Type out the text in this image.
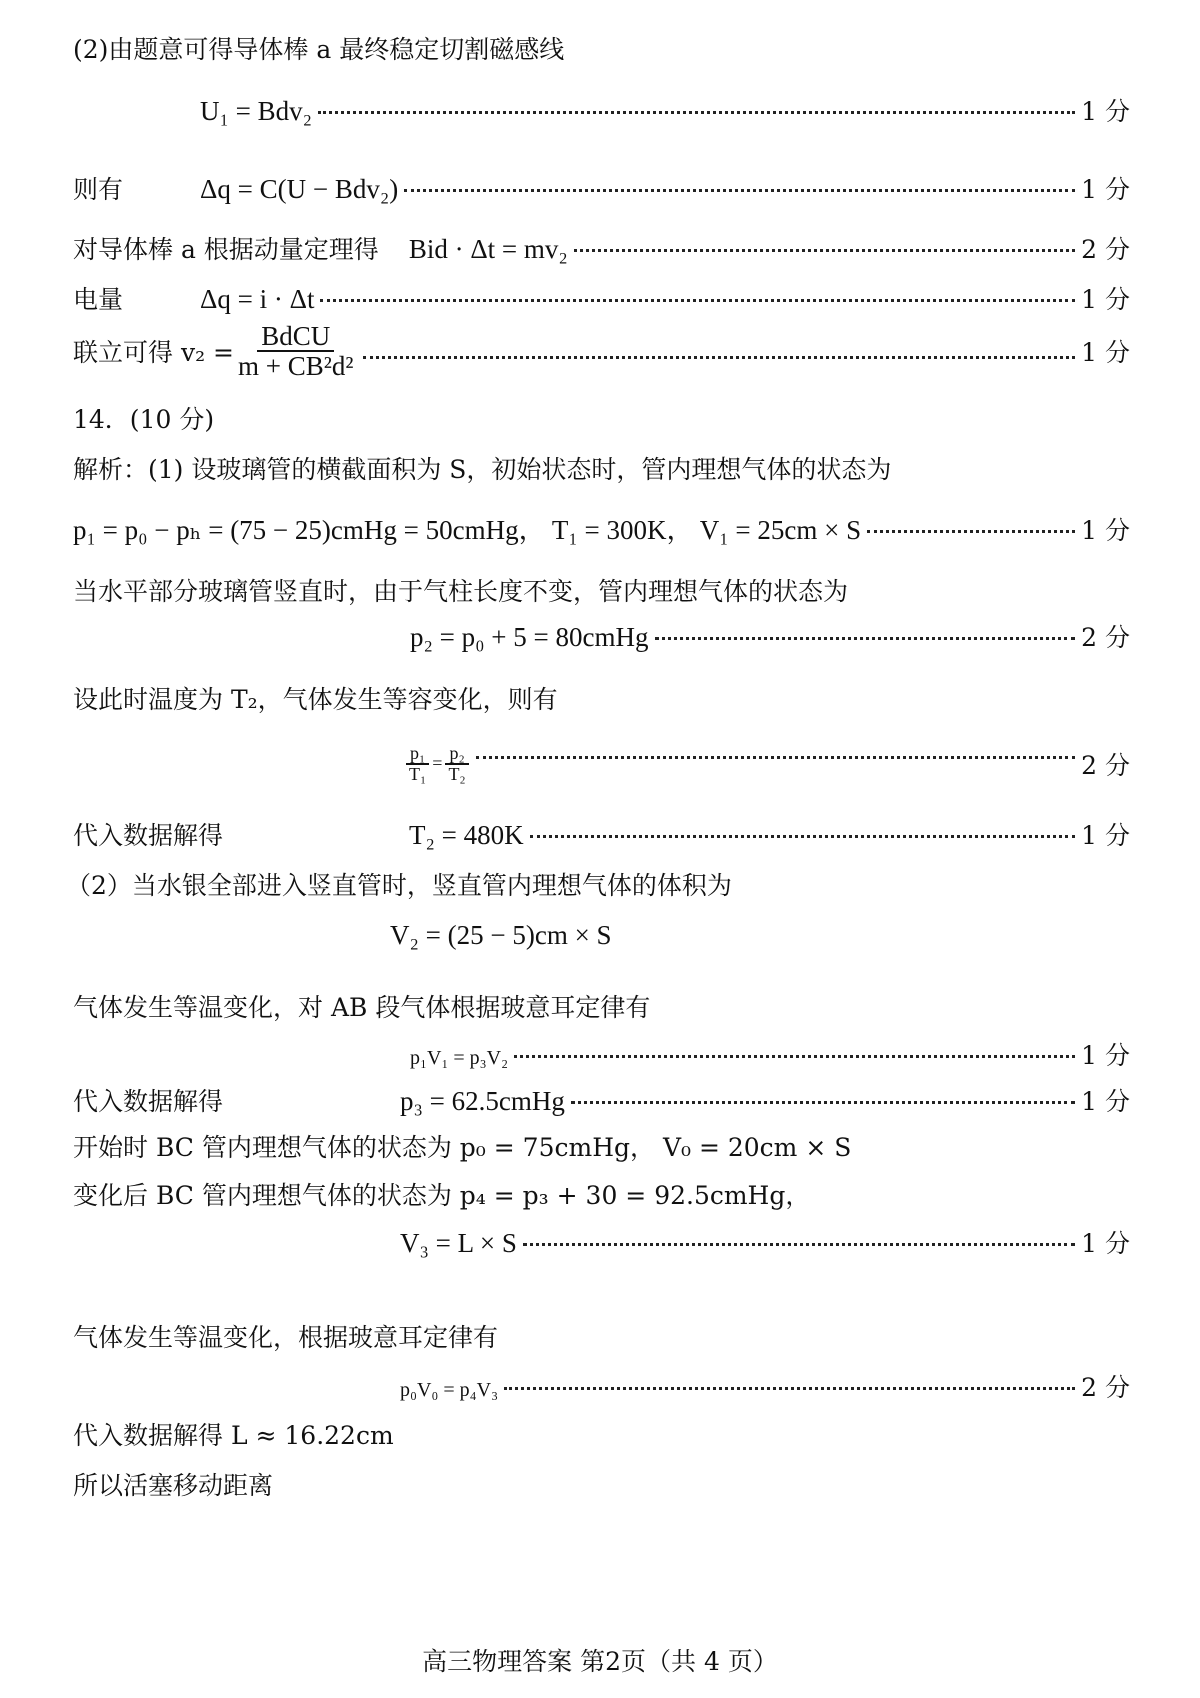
(2)由题意可得导体棒 a 最终稳定切割磁感线
U₁ = Bdv₂	1 分
则有	Δq = C(U − Bdv₂)	1 分
对导体棒 a 根据动量定理得 Bid · Δt = mv₂	2 分
电量	Δq = i · Δt	1 分
联立可得 $v_2 = \frac{\text{BdCU}}{\text{m + CB²d²}}$	1 分
14．(10 分)
解析：(1) 设玻璃管的横截面积为 S，初始状态时，管内理想气体的状态为
p₁ = p₀ − pₕ = (75 − 25)cmHg = 50cmHg， T₁ = 300K， V₁ = 25cm × S	1 分
当水平部分玻璃管竖直时，由于气柱长度不变，管内理想气体的状态为
p₂ = p₀ + 5 = 80cmHg	2 分
设此时温度为 T₂，气体发生等容变化，则有
$\frac{\text{p₁}}{\text{T₁}} = \frac{\text{p₂}}{\text{T₂}}$	2 分
代入数据解得	T₂ = 480K	1 分
（2）当水银全部进入竖直管时，竖直管内理想气体的体积为
V₂ = (25 − 5)cm × S
气体发生等温变化，对 AB 段气体根据玻意耳定律有
p₁V₁ = p₃V₂	1 分
代入数据解得	p₃ = 62.5cmHg	1 分
开始时 BC 管内理想气体的状态为 p₀ = 75cmHg， V₀ = 20cm × S
变化后 BC 管内理想气体的状态为 p₄ = p₃ + 30 = 92.5cmHg，
V₃ = L × S	1 分
气体发生等温变化，根据玻意耳定律有
p₀V₀ = p₄V₃	2 分
代入数据解得 L ≈ 16.22cm
所以活塞移动距离
高三物理答案 第2页（共 4 页）
